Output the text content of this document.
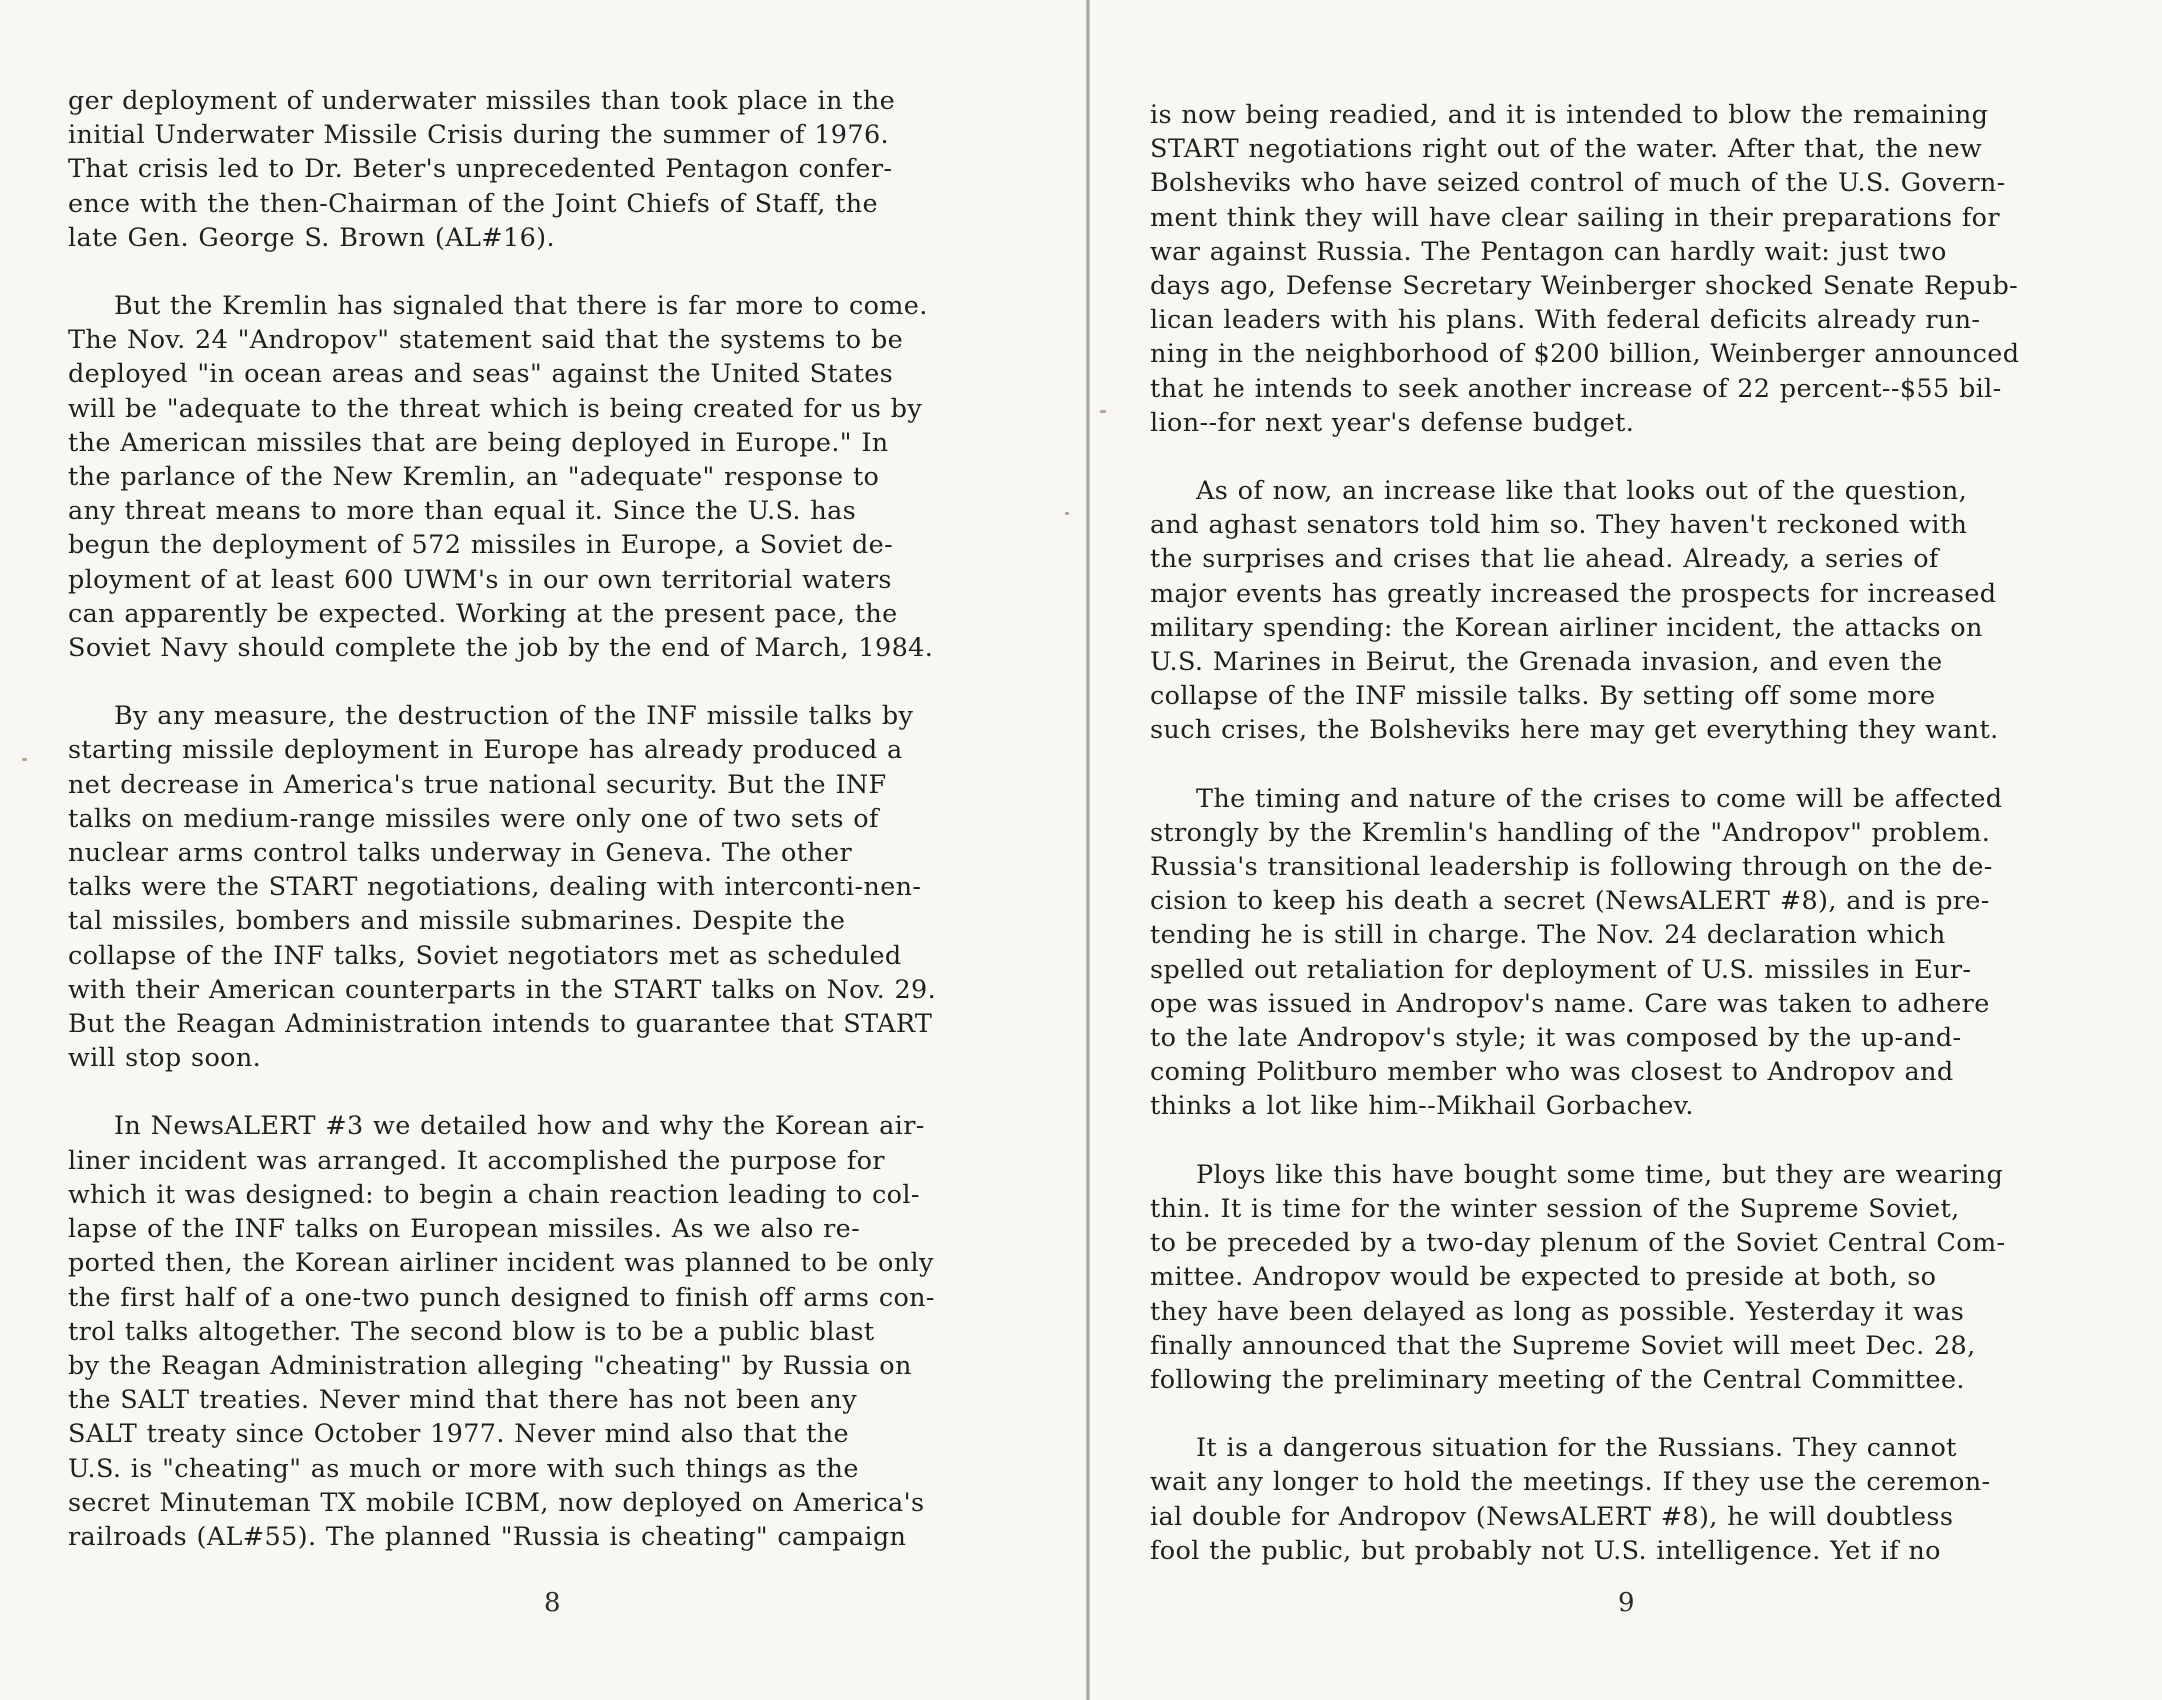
ger deployment of underwater missiles than took place in the
initial Underwater Missile Crisis during the summer of 1976.
That crisis led to Dr. Beter's unprecedented Pentagon confer-
ence with the then-Chairman of the Joint Chiefs of Staff, the
late Gen. George S. Brown (AL#16).

But the Kremlin has signaled that there is far more to come.
The Nov. 24 "Andropov" statement said that the systems to be
deployed "in ocean areas and seas" against the United States
will be "adequate to the threat which is being created for us by
the American missiles that are being deployed in Europe." In
the parlance of the New Kremlin, an "adequate" response to
any threat means to more than equal it. Since the U.S. has
begun the deployment of 572 missiles in Europe, a Soviet de-
ployment of at least 600 UWM's in our own territorial waters
can apparently be expected. Working at the present pace, the
Soviet Navy should complete the job by the end of March, 1984.

By any measure, the destruction of the INF missile talks by
starting missile deployment in Europe has already produced a
net decrease in America's true national security. But the INF
talks on medium-range missiles were only one of two sets of
nuclear arms control talks underway in Geneva. The other
talks were the START negotiations, dealing with interconti-nen-
tal missiles, bombers and missile submarines. Despite the
collapse of the INF talks, Soviet negotiators met as scheduled
with their American counterparts in the START talks on Nov. 29.
But the Reagan Administration intends to guarantee that START
will stop soon.

In NewsALERT #3 we detailed how and why the Korean air-
liner incident was arranged. It accomplished the purpose for
which it was designed: to begin a chain reaction leading to col-
lapse of the INF talks on European missiles. As we also re-
ported then, the Korean airliner incident was planned to be only
the first half of a one-two punch designed to finish off arms con-
trol talks altogether. The second blow is to be a public blast
by the Reagan Administration alleging "cheating" by Russia on
the SALT treaties. Never mind that there has not been any
SALT treaty since October 1977. Never mind also that the
U.S. is "cheating" as much or more with such things as the
secret Minuteman TX mobile ICBM, now deployed on America's
railroads (AL#55). The planned "Russia is cheating" campaign

8

is now being readied, and it is intended to blow the remaining
START negotiations right out of the water. After that, the new
Bolsheviks who have seized control of much of the U.S. Govern-
ment think they will have clear sailing in their preparations for
war against Russia. The Pentagon can hardly wait: just two
days ago, Defense Secretary Weinberger shocked Senate Repub-
lican leaders with his plans. With federal deficits already run-
ning in the neighborhood of $200 billion, Weinberger announced
that he intends to seek another increase of 22 percent--$55 bil-
lion--for next year's defense budget.

As of now, an increase like that looks out of the question,
and aghast senators told him so. They haven't reckoned with
the surprises and crises that lie ahead. Already, a series of
major events has greatly increased the prospects for increased
military spending: the Korean airliner incident, the attacks on
U.S. Marines in Beirut, the Grenada invasion, and even the
collapse of the INF missile talks. By setting off some more
such crises, the Bolsheviks here may get everything they want.

The timing and nature of the crises to come will be affected
strongly by the Kremlin's handling of the "Andropov" problem.
Russia's transitional leadership is following through on the de-
cision to keep his death a secret (NewsALERT #8), and is pre-
tending he is still in charge. The Nov. 24 declaration which
spelled out retaliation for deployment of U.S. missiles in Eur-
ope was issued in Andropov's name. Care was taken to adhere
to the late Andropov's style; it was composed by the up-and-
coming Politburo member who was closest to Andropov and
thinks a lot like him--Mikhail Gorbachev.

Ploys like this have bought some time, but they are wearing
thin. It is time for the winter session of the Supreme Soviet,
to be preceded by a two-day plenum of the Soviet Central Com-
mittee. Andropov would be expected to preside at both, so
they have been delayed as long as possible. Yesterday it was
finally announced that the Supreme Soviet will meet Dec. 28,
following the preliminary meeting of the Central Committee.

It is a dangerous situation for the Russians. They cannot
wait any longer to hold the meetings. If they use the ceremon-
ial double for Andropov (NewsALERT #8), he will doubtless
fool the public, but probably not U.S. intelligence. Yet if no

9
